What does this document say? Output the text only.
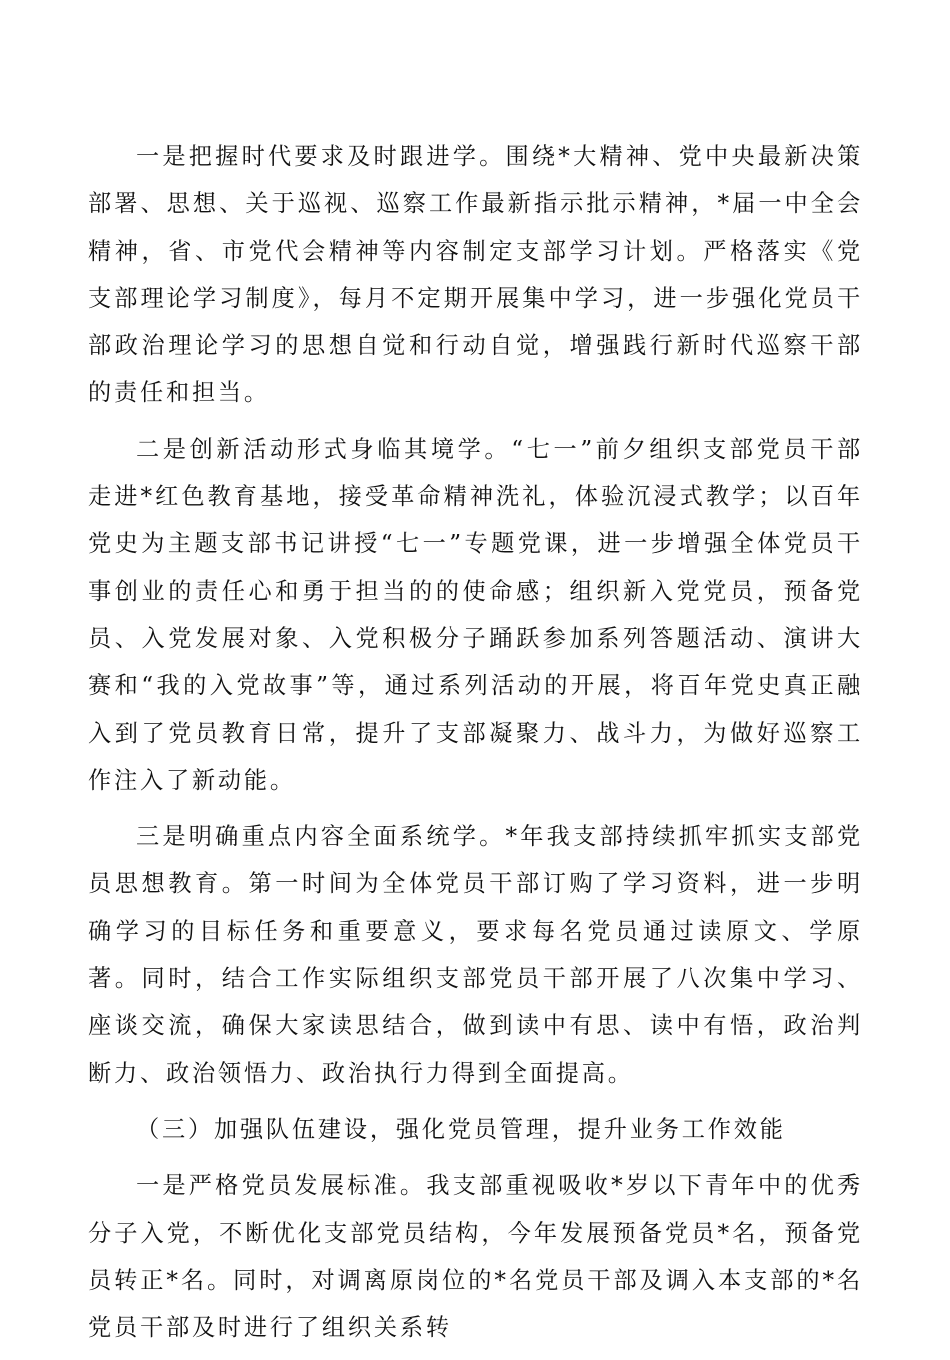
一是把握时代要求及时跟进学。围绕*大精神、党中央最新决策部署、思想、关于巡视、巡察工作最新指示批示精神，*届一中全会精神，省、市党代会精神等内容制定支部学习计划。严格落实《党支部理论学习制度》，每月不定期开展集中学习，进一步强化党员干部政治理论学习的思想自觉和行动自觉，增强践行新时代巡察干部的责任和担当。

二是创新活动形式身临其境学。“七一”前夕组织支部党员干部走进*红色教育基地，接受革命精神洗礼，体验沉浸式教学；以百年党史为主题支部书记讲授“七一”专题党课，进一步增强全体党员干事创业的责任心和勇于担当的的使命感；组织新入党党员，预备党员、入党发展对象、入党积极分子踊跃参加系列答题活动、演讲大赛和“我的入党故事”等，通过系列活动的开展，将百年党史真正融入到了党员教育日常，提升了支部凝聚力、战斗力，为做好巡察工作注入了新动能。

三是明确重点内容全面系统学。*年我支部持续抓牢抓实支部党员思想教育。第一时间为全体党员干部订购了学习资料，进一步明确学习的目标任务和重要意义，要求每名党员通过读原文、学原著。同时，结合工作实际组织支部党员干部开展了八次集中学习、座谈交流，确保大家读思结合，做到读中有思、读中有悟，政治判断力、政治领悟力、政治执行力得到全面提高。

（三）加强队伍建设，强化党员管理，提升业务工作效能

一是严格党员发展标准。我支部重视吸收*岁以下青年中的优秀分子入党，不断优化支部党员结构，今年发展预备党员*名，预备党员转正*名。同时，对调离原岗位的*名党员干部及调入本支部的*名党员干部及时进行了组织关系转
